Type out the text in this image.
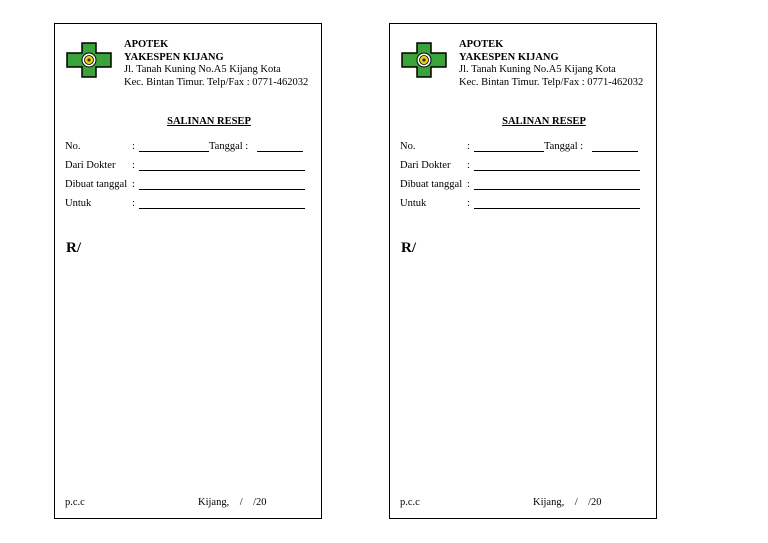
APOTEK
YAKESPEN KIJANG
Jl. Tanah Kuning No.A5 Kijang Kota
Kec. Bintan Timur. Telp/Fax : 0771-462032
SALINAN RESEP
No.	:	Tanggal :
Dari Dokter :
Dibuat tanggal :
Untuk	:
R/
p.c.c	Kijang,    /    /20
APOTEK
YAKESPEN KIJANG
Jl. Tanah Kuning No.A5 Kijang Kota
Kec. Bintan Timur. Telp/Fax : 0771-462032
SALINAN RESEP
No.	:	Tanggal :
Dari Dokter :
Dibuat tanggal :
Untuk	:
R/
p.c.c	Kijang,    /    /20
